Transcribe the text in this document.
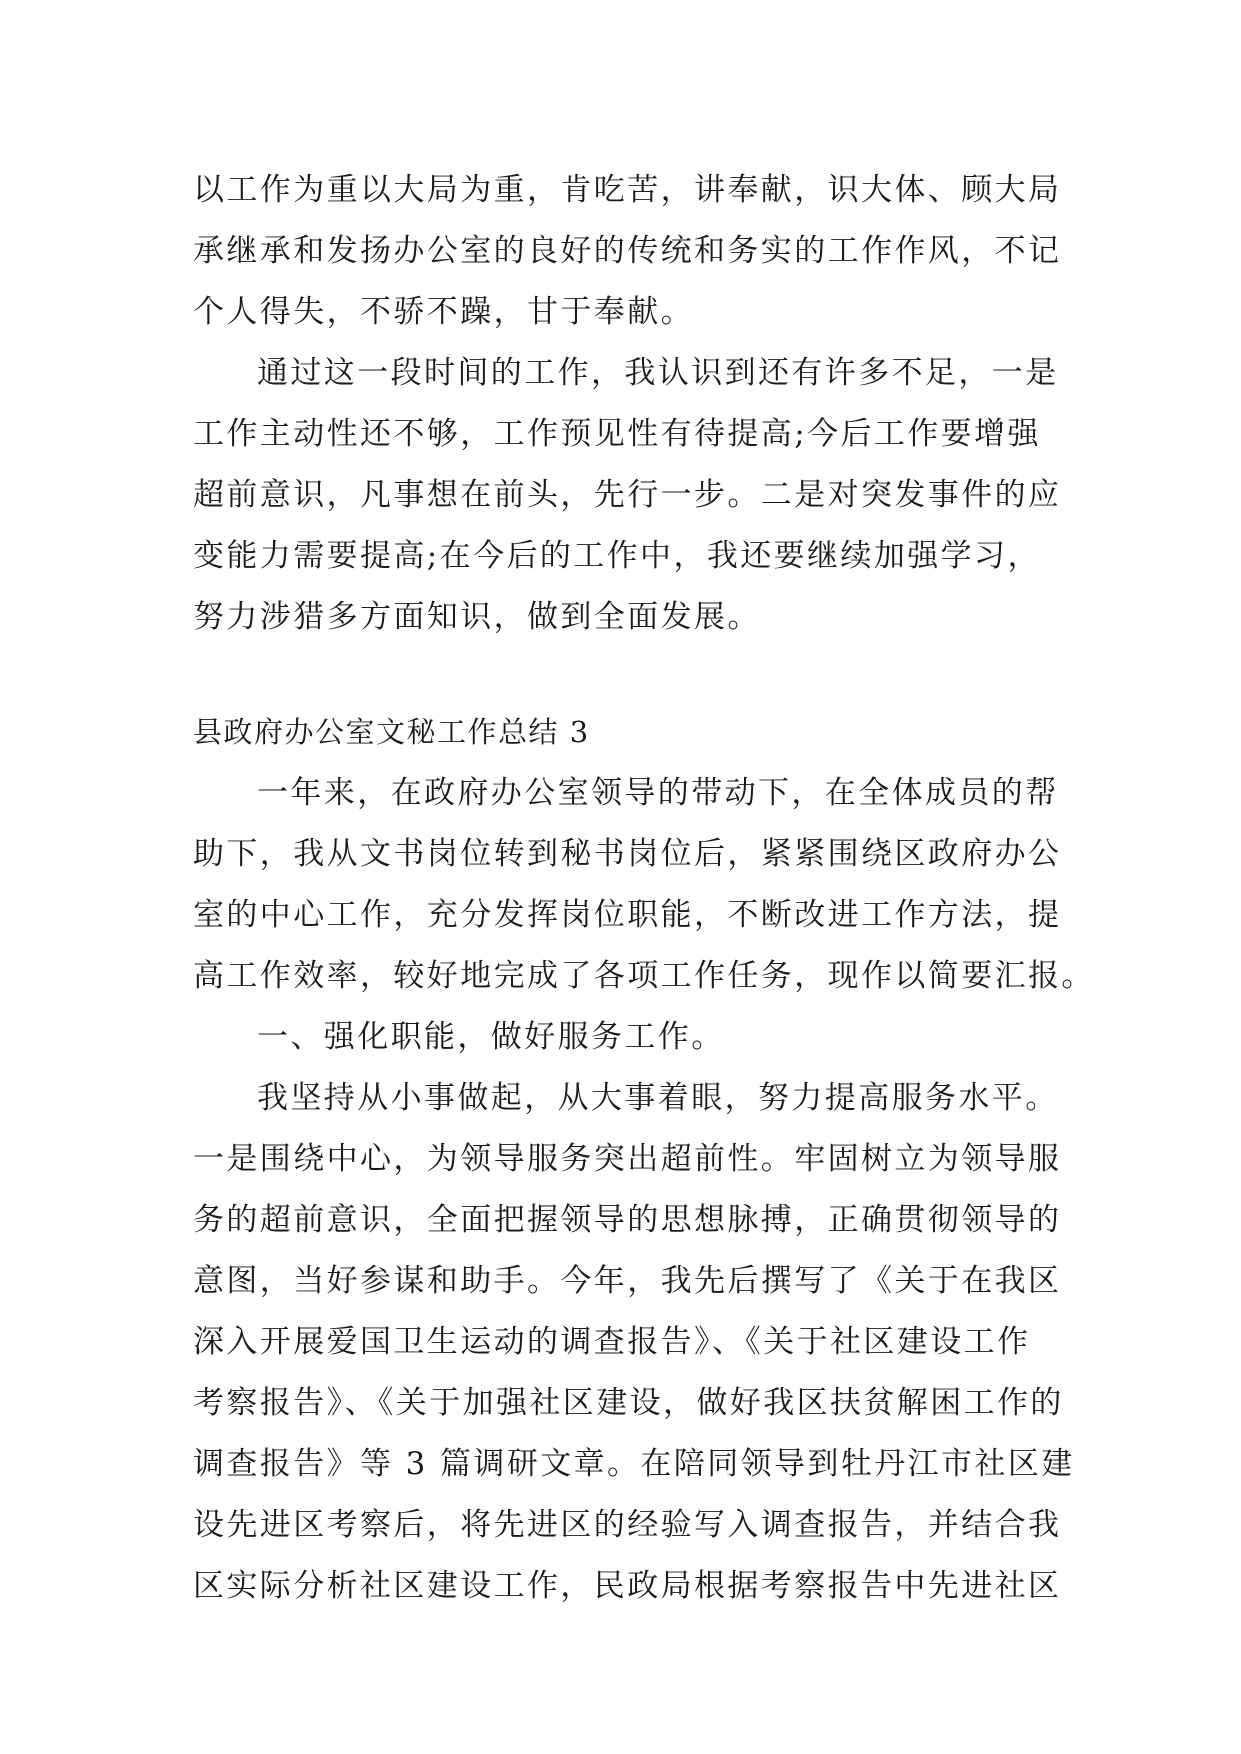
以工作为重以大局为重，肯吃苦，讲奉献，识大体、顾大局
承继承和发扬办公室的良好的传统和务实的工作作风，不记
个人得失，不骄不躁，甘于奉献。
通过这一段时间的工作，我认识到还有许多不足，一是
工作主动性还不够，工作预见性有待提高;今后工作要增强
超前意识，凡事想在前头，先行一步。二是对突发事件的应
变能力需要提高;在今后的工作中，我还要继续加强学习，
努力涉猎多方面知识，做到全面发展。
县政府办公室文秘工作总结 3
一年来，在政府办公室领导的带动下，在全体成员的帮
助下，我从文书岗位转到秘书岗位后，紧紧围绕区政府办公
室的中心工作，充分发挥岗位职能，不断改进工作方法，提
高工作效率，较好地完成了各项工作任务，现作以简要汇报。
一、强化职能，做好服务工作。
我坚持从小事做起，从大事着眼，努力提高服务水平。
一是围绕中心，为领导服务突出超前性。牢固树立为领导服
务的超前意识，全面把握领导的思想脉搏，正确贯彻领导的
意图，当好参谋和助手。今年，我先后撰写了《关于在我区
深入开展爱国卫生运动的调查报告》、《关于社区建设工作
考察报告》、《关于加强社区建设，做好我区扶贫解困工作的
调查报告》等 3 篇调研文章。在陪同领导到牡丹江市社区建
设先进区考察后，将先进区的经验写入调查报告，并结合我
区实际分析社区建设工作，民政局根据考察报告中先进社区
